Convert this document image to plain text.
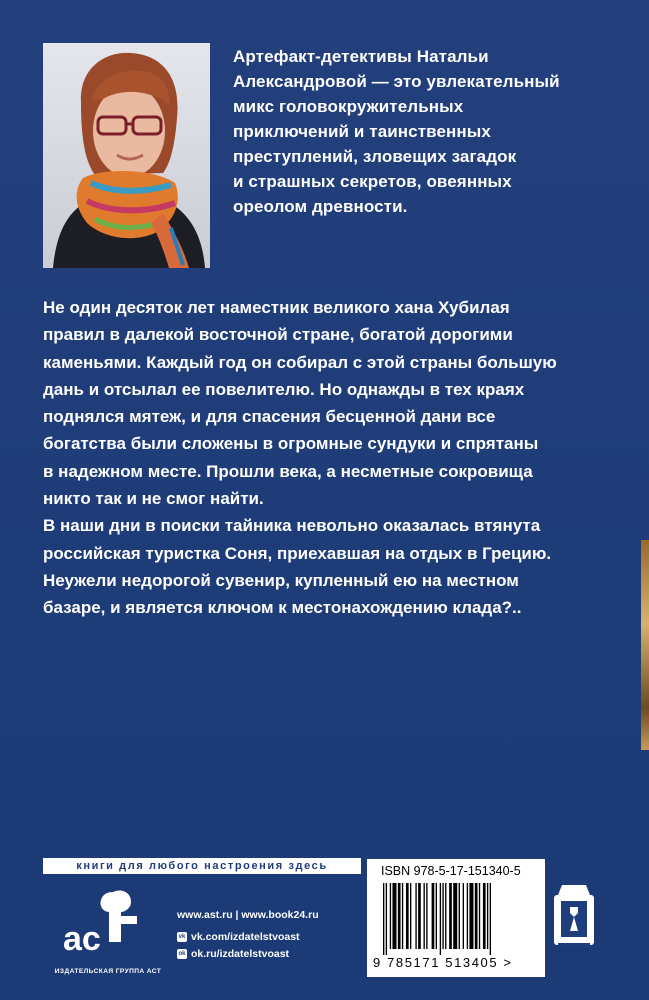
Артефакт-детективы Натальи
Александровой — это увлекательный
микс головокружительных
приключений и таинственных
преступлений, зловещих загадок
и страшных секретов, овеянных
ореолом древности.
Не один десяток лет наместник великого хана Хубилая
правил в далекой восточной стране, богатой дорогими
каменьями. Каждый год он собирал с этой страны большую
дань и отсылал ее повелителю. Но однажды в тех краях
поднялся мятеж, и для спасения бесценной дани все
богатства были сложены в огромные сундуки и спрятаны
в надежном месте. Прошли века, а несметные сокровища
никто так и не смог найти.
В наши дни в поиски тайника невольно оказалась втянута
российская туристка Соня, приехавшая на отдых в Грецию.
Неужели недорогой сувенир, купленный ею на местном
базаре, и является ключом к местонахождению клада?..
книги для любого настроения здесь
ac
ИЗДАТЕЛЬСКАЯ ГРУППА АСТ
www.ast.ru | www.book24.ru
vk vk.com/izdatelstvoast
ok ok.ru/izdatelstvoast
ISBN 978-5-17-151340-5
9 785171 513405 >
